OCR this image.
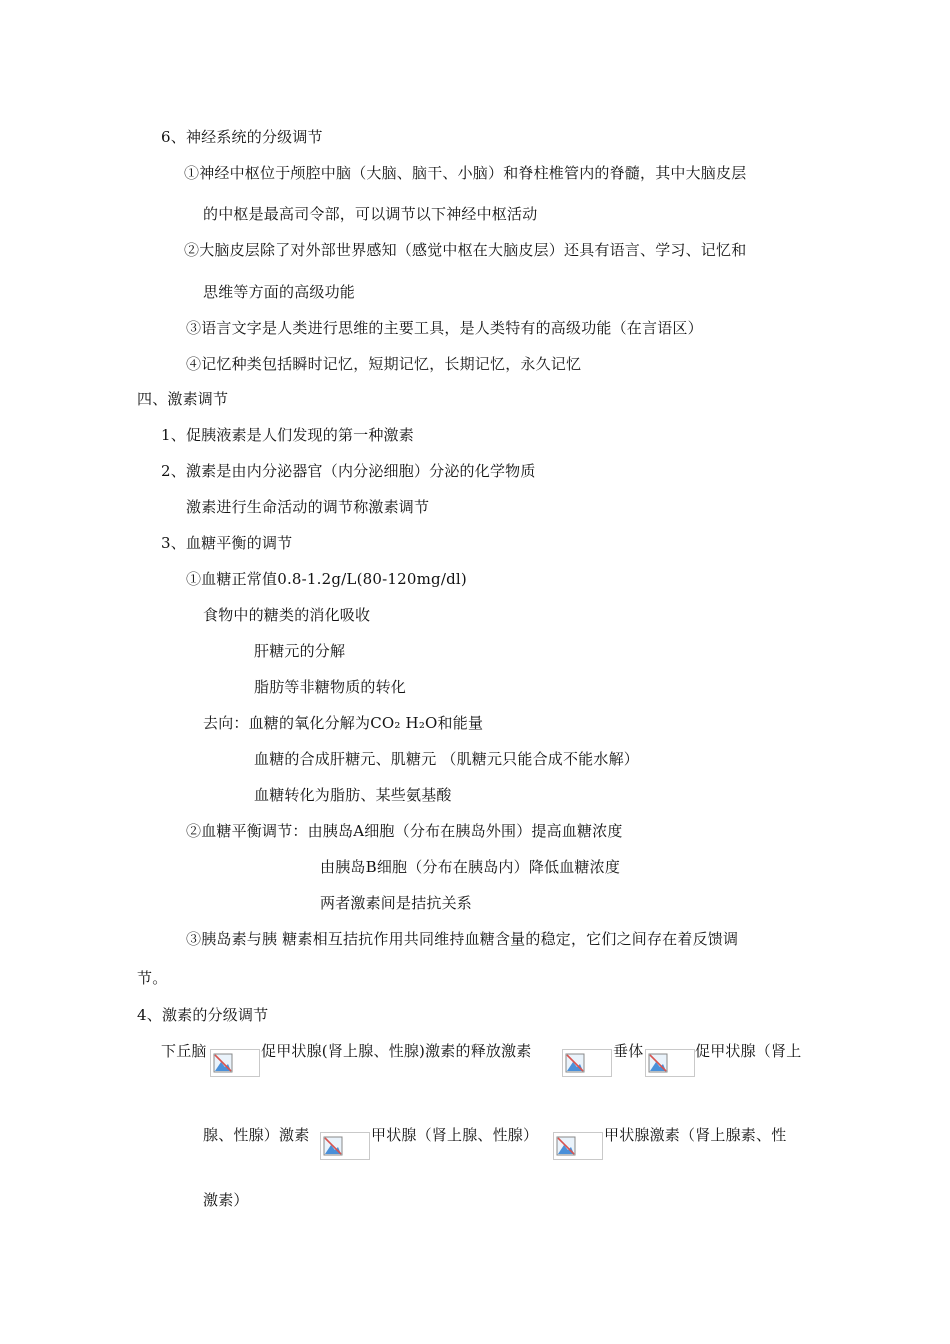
6、神经系统的分级调节
①神经中枢位于颅腔中脑（大脑、脑干、小脑）和脊柱椎管内的脊髓，其中大脑皮层
的中枢是最高司令部，可以调节以下神经中枢活动
②大脑皮层除了对外部世界感知（感觉中枢在大脑皮层）还具有语言、学习、记忆和
思维等方面的高级功能
③语言文字是人类进行思维的主要工具，是人类特有的高级功能（在言语区）
④记忆种类包括瞬时记忆，短期记忆，长期记忆，永久记忆
四、激素调节
1、促胰液素是人们发现的第一种激素
2、激素是由内分泌器官（内分泌细胞）分泌的化学物质
激素进行生命活动的调节称激素调节
3、血糖平衡的调节
①血糖正常值0.8-1.2g/L(80-120mg/dl)
食物中的糖类的消化吸收
肝糖元的分解
脂肪等非糖物质的转化
去向：血糖的氧化分解为CO₂ H₂O和能量
血糖的合成肝糖元、肌糖元 （肌糖元只能合成不能水解）
血糖转化为脂肪、某些氨基酸
②血糖平衡调节：由胰岛A细胞（分布在胰岛外围）提高血糖浓度
由胰岛B细胞（分布在胰岛内）降低血糖浓度
两者激素间是拮抗关系
③胰岛素与胰 糖素相互拮抗作用共同维持血糖含量的稳定，它们之间存在着反馈调
节。
4、激素的分级调节
下丘脑	促甲状腺(肾上腺、性腺)激素的释放激素	垂体	促甲状腺（肾上
腺、性腺）激素	甲状腺（肾上腺、性腺）	甲状腺激素（肾上腺素、性
激素）
